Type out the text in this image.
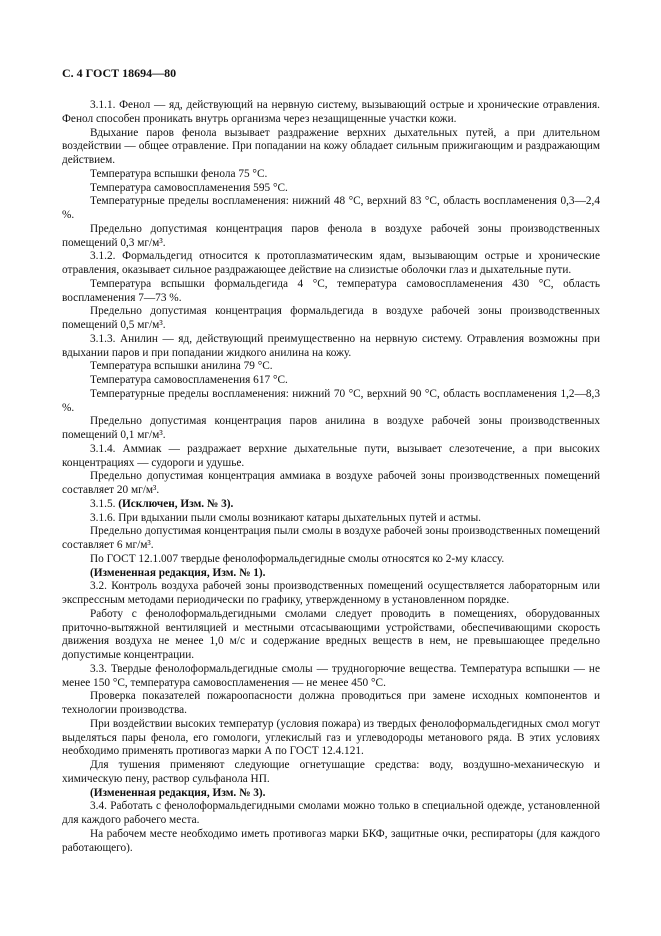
С. 4 ГОСТ 18694—80

3.1.1. Фенол — яд, действующий на нервную систему, вызывающий острые и хронические отравления. Фенол способен проникать внутрь организма через незащищенные участки кожи.

Вдыхание паров фенола вызывает раздражение верхних дыхательных путей, а при длительном воздействии — общее отравление. При попадании на кожу обладает сильным прижигающим и раздражающим действием.

Температура вспышки фенола 75 °С.

Температура самовоспламенения 595 °С.

Температурные пределы воспламенения: нижний 48 °С, верхний 83 °С, область воспламенения 0,3—2,4 %.

Предельно допустимая концентрация паров фенола в воздухе рабочей зоны производственных помещений 0,3 мг/м³.

3.1.2. Формальдегид относится к протоплазматическим ядам, вызывающим острые и хронические отравления, оказывает сильное раздражающее действие на слизистые оболочки глаз и дыхательные пути.

Температура вспышки формальдегида 4 °С, температура самовоспламенения 430 °С, область воспламенения 7—73 %.

Предельно допустимая концентрация формальдегида в воздухе рабочей зоны производственных помещений 0,5 мг/м³.

3.1.3. Анилин — яд, действующий преимущественно на нервную систему. Отравления возможны при вдыхании паров и при попадании жидкого анилина на кожу.

Температура вспышки анилина 79 °С.

Температура самовоспламенения 617 °С.

Температурные пределы воспламенения: нижний 70 °С, верхний 90 °С, область воспламенения 1,2—8,3 %.

Предельно допустимая концентрация паров анилина в воздухе рабочей зоны производственных помещений 0,1 мг/м³.

3.1.4. Аммиак — раздражает верхние дыхательные пути, вызывает слезотечение, а при высоких концентрациях — судороги и удушье.

Предельно допустимая концентрация аммиака в воздухе рабочей зоны производственных помещений составляет 20 мг/м³.

3.1.5. (Исключен, Изм. № 3).

3.1.6. При вдыхании пыли смолы возникают катары дыхательных путей и астмы.

Предельно допустимая концентрация пыли смолы в воздухе рабочей зоны производственных помещений составляет 6 мг/м³.

По ГОСТ 12.1.007 твердые фенолоформальдегидные смолы относятся ко 2-му классу.

(Измененная редакция, Изм. № 1).

3.2. Контроль воздуха рабочей зоны производственных помещений осуществляется лабораторным или экспрессным методами периодически по графику, утвержденному в установленном порядке.

Работу с фенолоформальдегидными смолами следует проводить в помещениях, оборудованных приточно-вытяжной вентиляцией и местными отсасывающими устройствами, обеспечивающими скорость движения воздуха не менее 1,0 м/с и содержание вредных веществ в нем, не превышающее предельно допустимые концентрации.

3.3. Твердые фенолоформальдегидные смолы — трудногорючие вещества. Температура вспышки — не менее 150 °С, температура самовоспламенения — не менее 450 °С.

Проверка показателей пожароопасности должна проводиться при замене исходных компонентов и технологии производства.

При воздействии высоких температур (условия пожара) из твердых фенолоформальдегидных смол могут выделяться пары фенола, его гомологи, углекислый газ и углеводороды метанового ряда. В этих условиях необходимо применять противогаз марки А по ГОСТ 12.4.121.

Для тушения применяют следующие огнетушащие средства: воду, воздушно-механическую и химическую пену, раствор сульфанола НП.

(Измененная редакция, Изм. № 3).

3.4. Работать с фенолоформальдегидными смолами можно только в специальной одежде, установленной для каждого рабочего места.

На рабочем месте необходимо иметь противогаз марки БКФ, защитные очки, респираторы (для каждого работающего).
